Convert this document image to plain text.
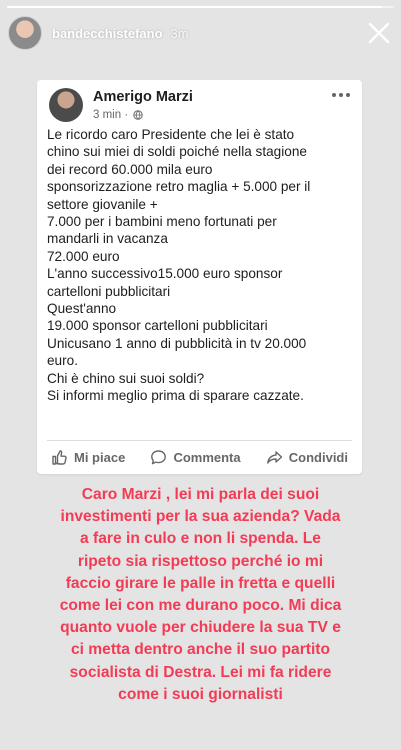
bandecchistefano 3m
Amerigo Marzi
3 min ·
Le ricordo caro Presidente che lei è stato
chino sui miei di soldi poiché nella stagione
dei record 60.000 mila euro
sponsorizzazione retro maglia + 5.000 per il
settore giovanile +
7.000 per i bambini meno fortunati per
mandarli in vacanza
72.000 euro
L'anno successivo15.000 euro sponsor
cartelloni pubblicitari
Quest'anno
19.000 sponsor cartelloni pubblicitari
Unicusano 1 anno di pubblicità in tv 20.000
euro.
Chi è chino sui suoi soldi?
Si informi meglio prima di sparare cazzate.
Mi piace	Commenta	Condividi
Caro Marzi , lei mi parla dei suoi
investimenti per la sua azienda? Vada
a fare in culo e non li spenda. Le
ripeto sia rispettoso perché io mi
faccio girare le palle in fretta e quelli
come lei con me durano poco. Mi dica
quanto vuole per chiudere la sua TV e
ci metta dentro anche il suo partito
socialista di Destra. Lei mi fa ridere
come i suoi giornalisti
